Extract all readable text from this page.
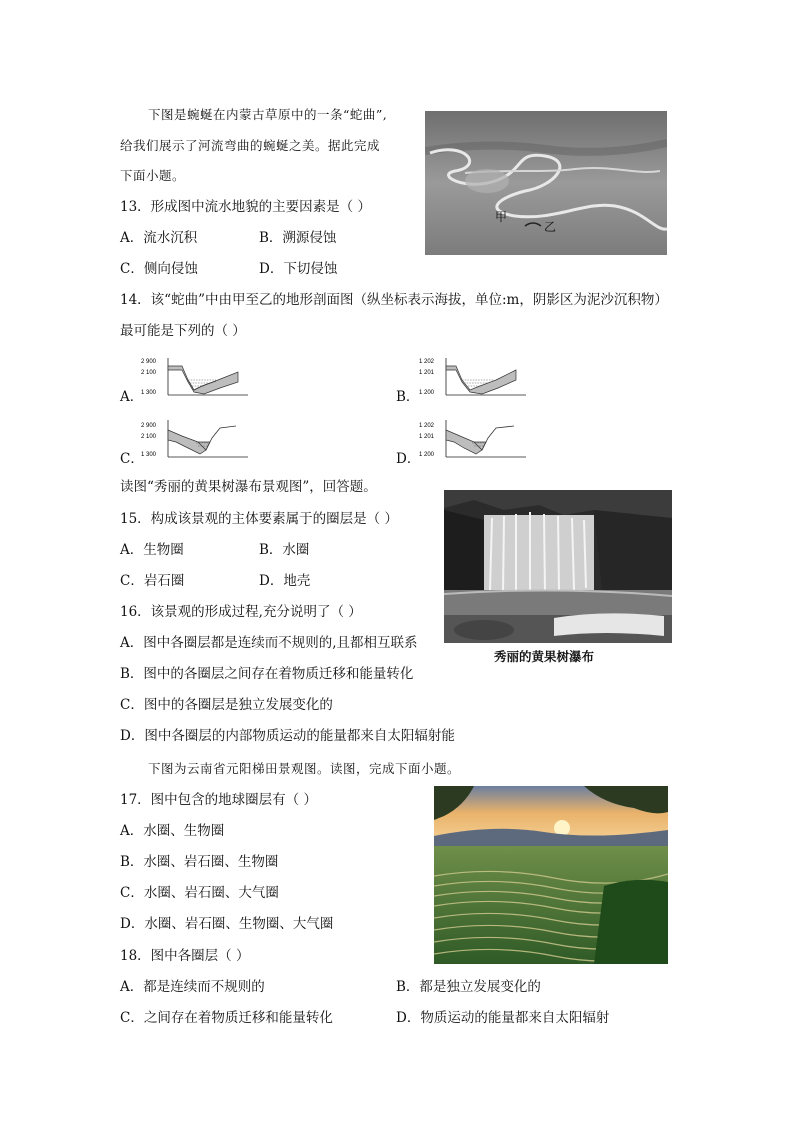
下图是蜿蜒在内蒙古草原中的一条“蛇曲”,
给我们展示了河流弯曲的蜿蜒之美。据此完成
下面小题。
甲
乙
13．形成图中流水地貌的主要因素是（ ）
A．流水沉积	B．溯源侵蚀
C．侧向侵蚀	D．下切侵蚀
14．该“蛇曲”中由甲至乙的地形剖面图（纵坐标表示海拔，单位:m，阴影区为泥沙沉积物）
最可能是下列的（ ）
A．	B．
C．	D．
2 900
2 100
1 300
1 202
1 201
1 200
2 900
2 100
1 300
1 202
1 201
1 200
读图“秀丽的黄果树瀑布景观图”，回答题。
秀丽的黄果树瀑布
15．构成该景观的主体要素属于的圈层是（ ）
A．生物圈	B．水圈
C．岩石圈	D．地壳
16．该景观的形成过程,充分说明了（ ）
A．图中各圈层都是连续而不规则的,且都相互联系
B．图中的各圈层之间存在着物质迁移和能量转化
C．图中的各圈层是独立发展变化的
D．图中各圈层的内部物质运动的能量都来自太阳辐射能
下图为云南省元阳梯田景观图。读图，完成下面小题。
17．图中包含的地球圈层有（ ）
A．水圈、生物圈
B．水圈、岩石圈、生物圈
C．水圈、岩石圈、大气圈
D．水圈、岩石圈、生物圈、大气圈
18．图中各圈层（ ）
A．都是连续而不规则的	B．都是独立发展变化的
C．之间存在着物质迁移和能量转化	D．物质运动的能量都来自太阳辐射
